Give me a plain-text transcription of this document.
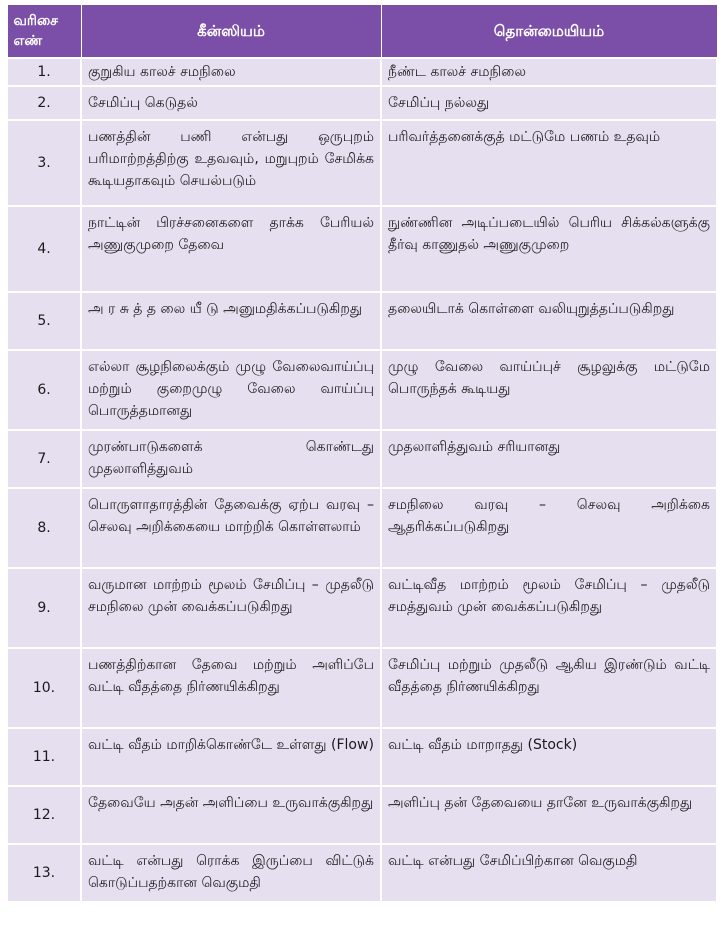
வரிசை எண்	கீன்ஸியம்	தொன்மையியம்
1.	குறுகிய காலச் சமநிலை	நீண்ட காலச் சமநிலை
2.	சேமிப்பு கெடுதல்	சேமிப்பு நல்லது
3.	பணத்தின் பணி என்பது ஒருபுறம் பரிமாற்றத்திற்கு உதவவும், மறுபுறம் சேமிக்க கூடியதாகவும் செயல்படும்	பரிவர்த்தனைக்குத் மட்டுமே பணம் உதவும்
4.	நாட்டின் பிரச்சனைகளை தாக்க பேரியல் அணுகுமுறை தேவை	நுண்ணின அடிப்படையில் பெரிய சிக்கல்களுக்கு தீர்வு காணுதல் அணுகுமுறை
5.	அ ர சு த் த லை யீ டு அனுமதிக்கப்படுகிறது	தலையிடாக் கொள்ளை வலியுறுத்தப்படுகிறது
6.	எல்லா சூழநிலைக்கும் முழு வேலைவாய்ப்பு மற்றும் குறைமுழு வேலை வாய்ப்பு பொருத்தமானது	முழு வேலை வாய்ப்புச் சூழலுக்கு மட்டுமே பொருந்தக் கூடியது
7.	முரண்பாடுகளைக் கொண்டது முதலாளித்துவம்	முதலாளித்துவம் சரியானது
8.	பொருளாதாரத்தின் தேவைக்கு ஏற்ப வரவு – செலவு அறிக்கையை மாற்றிக் கொள்ளலாம்	சமநிலை வரவு – செலவு அறிக்கை ஆதரிக்கப்படுகிறது
9.	வருமான மாற்றம் மூலம் சேமிப்பு – முதலீடு சமநிலை முன் வைக்கப்படுகிறது	வட்டிவீத மாற்றம் மூலம் சேமிப்பு – முதலீடு சமத்துவம் முன் வைக்கப்படுகிறது
10.	பணத்திற்கான தேவை மற்றும் அளிப்பே வட்டி வீதத்தை நிர்ணயிக்கிறது	சேமிப்பு மற்றும் முதலீடு ஆகிய இரண்டும் வட்டி வீதத்தை நிர்ணயிக்கிறது
11.	வட்டி வீதம் மாறிக்கொண்டே உள்ளது (Flow)	வட்டி வீதம் மாறாதது (Stock)
12.	தேவையே அதன் அளிப்பை உருவாக்குகிறது	அளிப்பு தன் தேவையை தானே உருவாக்குகிறது
13.	வட்டி என்பது ரொக்க இருப்பை விட்டுக் கொடுப்பதற்கான வெகுமதி	வட்டி என்பது சேமிப்பிற்கான வெகுமதி
